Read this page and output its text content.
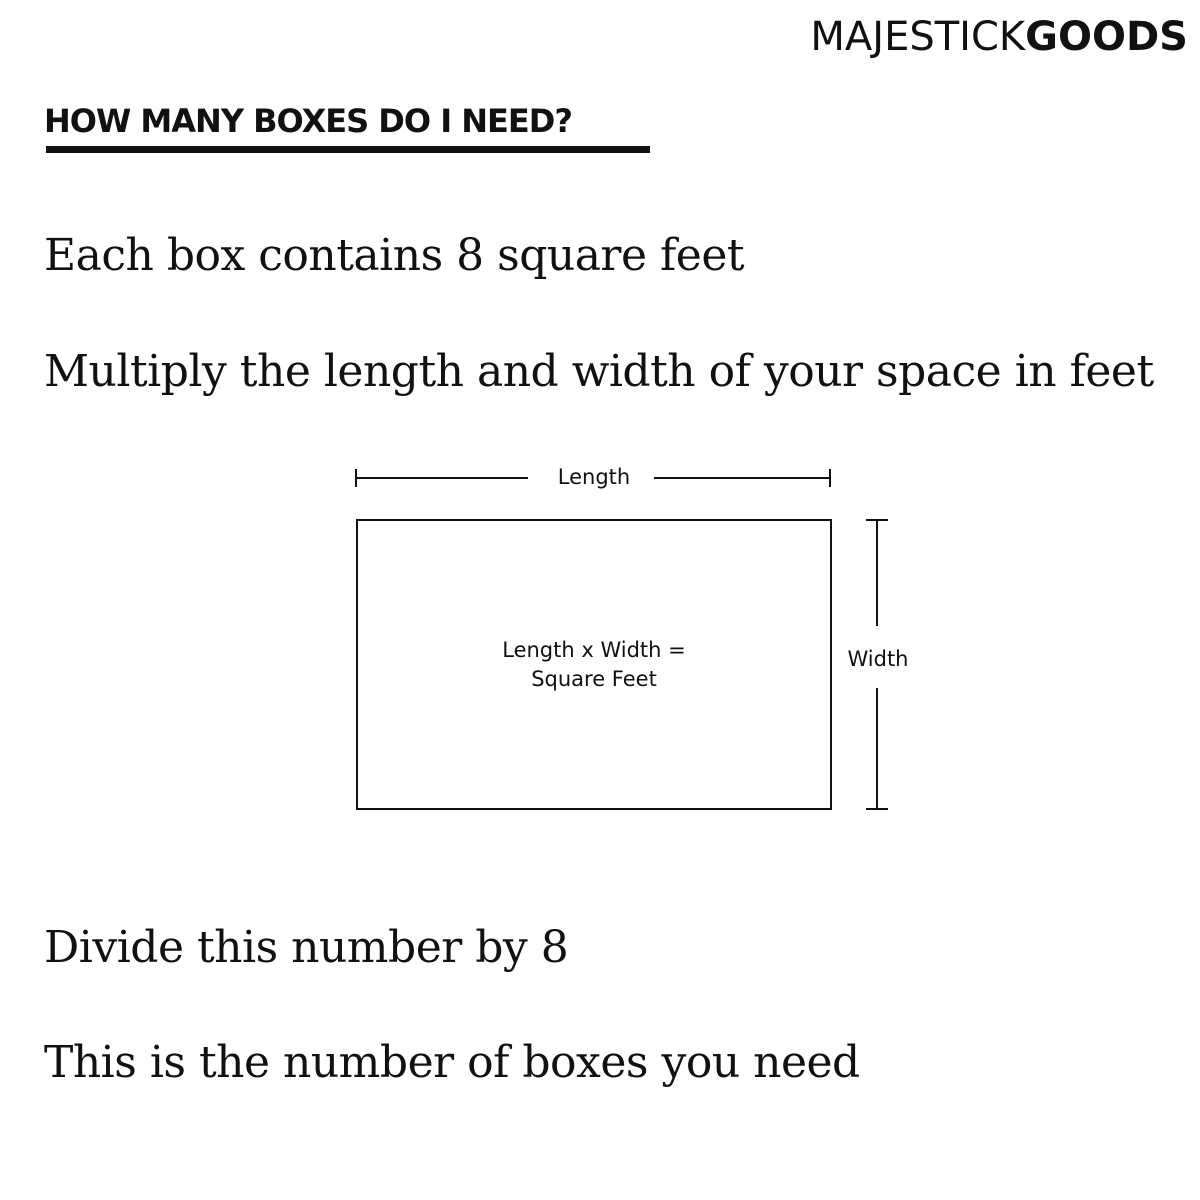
MAJESTICKGOODS
HOW MANY BOXES DO I NEED?
Each box contains 8 square feet
Multiply the length and width of your space in feet
Length
Length x Width =
Square Feet
Width
Divide this number by 8
This is the number of boxes you need
